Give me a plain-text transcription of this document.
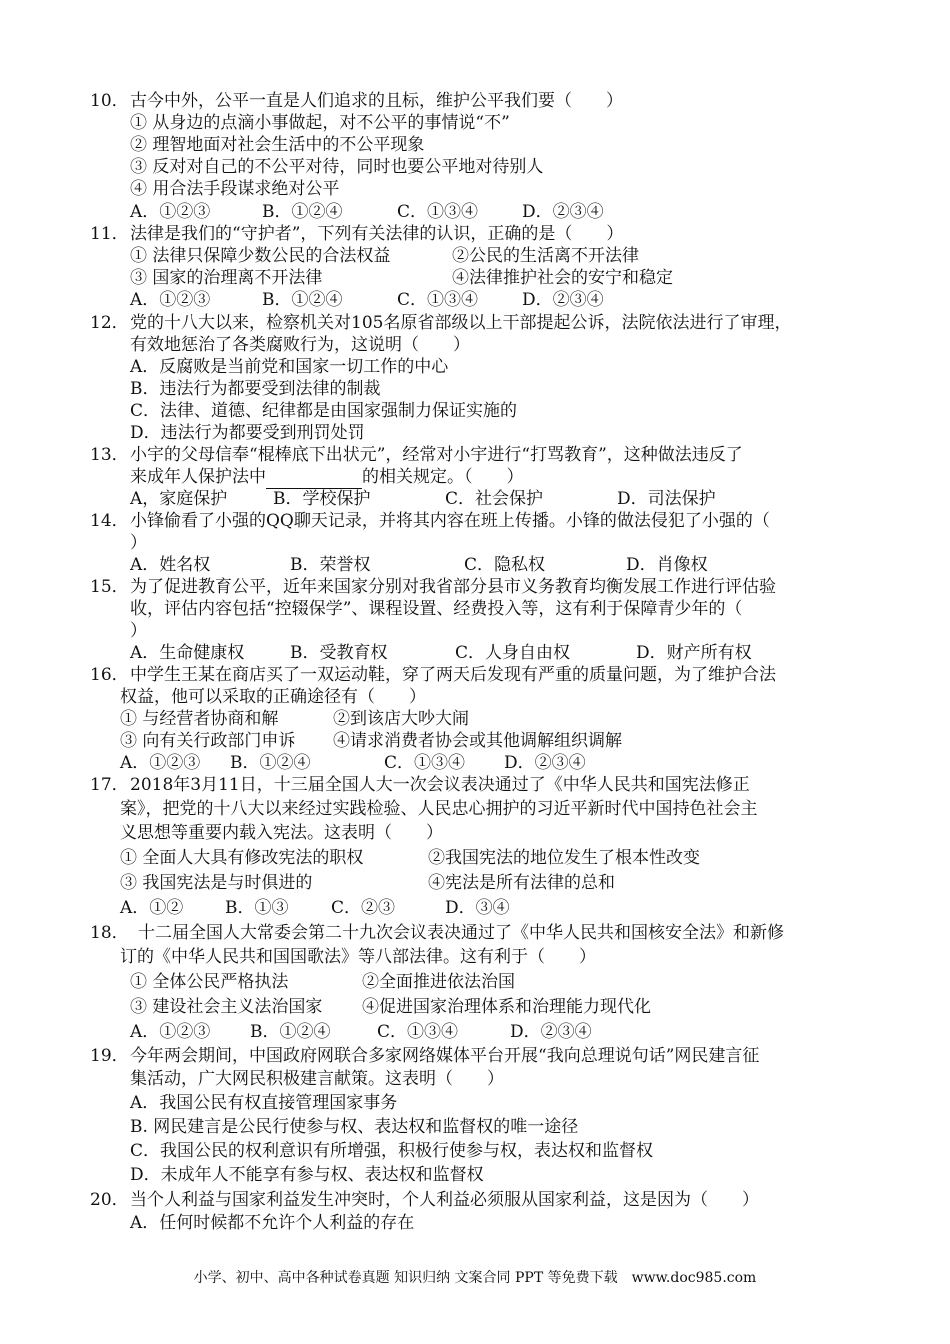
10． 古今中外，公平一直是人们追求的且标，维护公平我们要（　　）
① 从身边的点滴小事做起，对不公平的事情说“不”
② 理智地面对社会生活中的不公平现象
③ 反对对自己的不公平对待，同时也要公平地对待别人
④ 用合法手段谋求绝对公平
A．①②③	B．①②④	C．①③④	D．②③④
11． 法律是我们的“守护者”，下列有关法律的认识，正确的是（　　）
① 法律只保障少数公民的合法权益	②公民的生活离不开法律
③ 国家的治理离不开法律	④法律推护社会的安宁和稳定
A．①②③	B．①②④	C．①③④	D．②③④
12． 党的十八大以来，检察机关对105名原省部级以上干部提起公诉，法院依法进行了审理，
有效地惩治了各类腐败行为，这说明（　　）
A．反腐败是当前党和国家一切工作的中心
B．违法行为都要受到法律的制裁
C．法律、道德、纪律都是由国家强制力保证实施的
D．违法行为都要受到刑罚处罚
13． 小宇的父母信奉“棍棒底下出状元”，经常对小宇进行“打骂教育”，这种做法违反了
来成年人保护法中	的相关规定。（　　）
A，家庭保护	B．学校保护	C．社会保护	D．司法保护
14． 小锋偷看了小强的QQ聊天记录，并将其内容在班上传播。小锋的做法侵犯了小强的（
）
A．姓名权	B．荣誉权	C．隐私权	D．肖像权
15． 为了促进教育公平，近年来国家分别对我省部分县市义务教育均衡发展工作进行评估验
收，评估内容包括“控辍保学”、课程设置、经费投入等，这有利于保障青少年的（
）
A．生命健康权	B．受教育权	C．人身自由权	D．财产所有权
16． 中学生王某在商店买了一双运动鞋，穿了两天后发现有严重的质量问题，为了维护合法
权益，他可以采取的正确途径有（　　）
① 与经营者协商和解	②到该店大吵大闹
③ 向有关行政部门申诉 ④请求消费者协会或其他调解组织调解
A．①②③ B．①②④	C．①③④ D．②③④
17． 2018年3月11日，十三届全国人大一次会议表决通过了《中华人民共和国宪法修正
案》，把党的十八大以来经过实践检验、人民忠心拥护的习近平新时代中国持色社会主
义思想等重要内载入宪法。这表明（　　）
① 全面人大具有修改宪法的职权	②我国宪法的地位发生了根本性改变
③ 我国宪法是与时俱进的	④宪法是所有法律的总和
A．①② B．①③	C．②③	D．③④
18． 十二届全国人大常委会第二十九次会议表决通过了《中华人民共和国核安全法》和新修
订的《中华人民共和国国歌法》等八部法律。这有利于（　　）
① 全体公民严格执法	②全面推进依法治国
③ 建设社会主义法治国家 ④促进国家治理体系和治理能力现代化
A．①②③ B．①②④	C．①③④	D．②③④
19． 今年两会期间，中国政府网联合多家网络媒体平台开展“我向总理说句话”网民建言征
集活动，广大网民积极建言献策。这表明（　　）
A．我国公民有权直接管理国家事务
B. 网民建言是公民行使参与权、表达权和监督权的唯一途径
C．我国公民的权利意识有所增强，积极行使参与权，表达权和监督权
D．未成年人不能享有参与权、表达权和监督权
20． 当个人利益与国家利益发生冲突时，个人利益必须服从国家利益，这是因为（　　）
A．任何时候都不允许个人利益的存在
小学、初中、高中各种试卷真题 知识归纳 文案合同 PPT 等免费下载　www.doc985.com
